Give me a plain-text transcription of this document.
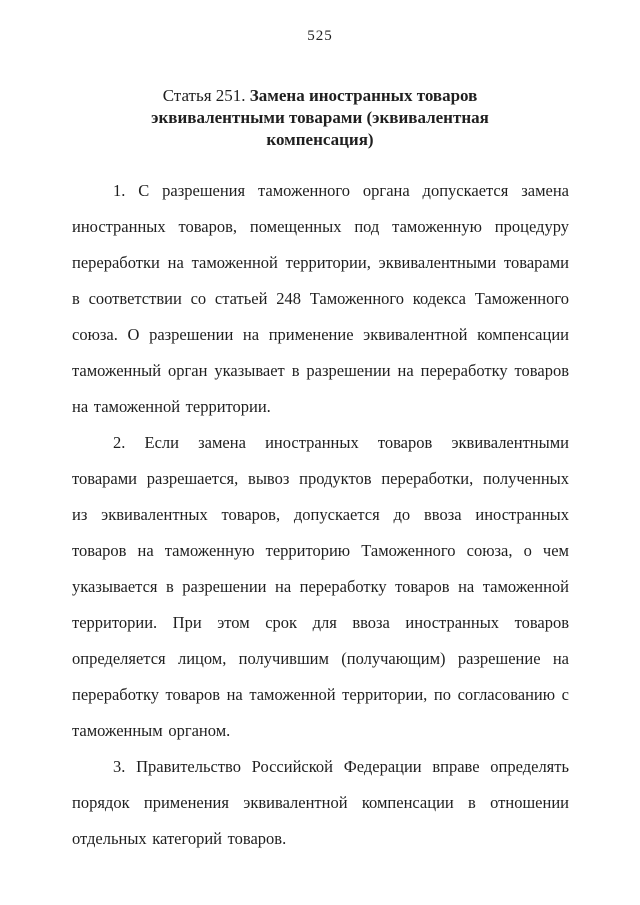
525
Статья 251. Замена иностранных товаров эквивалентными товарами (эквивалентная компенсация)

1. С разрешения таможенного органа допускается замена иностранных товаров, помещенных под таможенную процедуру переработки на таможенной территории, эквивалентными товарами в соответствии со статьей 248 Таможенного кодекса Таможенного союза. О разрешении на применение эквивалентной компенсации таможенный орган указывает в разрешении на переработку товаров на таможенной территории.

2. Если замена иностранных товаров эквивалентными товарами разрешается, вывоз продуктов переработки, полученных из эквивалентных товаров, допускается до ввоза иностранных товаров на таможенную территорию Таможенного союза, о чем указывается в разрешении на переработку товаров на таможенной территории. При этом срок для ввоза иностранных товаров определяется лицом, получившим (получающим) разрешение на переработку товаров на таможенной территории, по согласованию с таможенным органом.

3. Правительство Российской Федерации вправе определять порядок применения эквивалентной компенсации в отношении отдельных категорий товаров.
